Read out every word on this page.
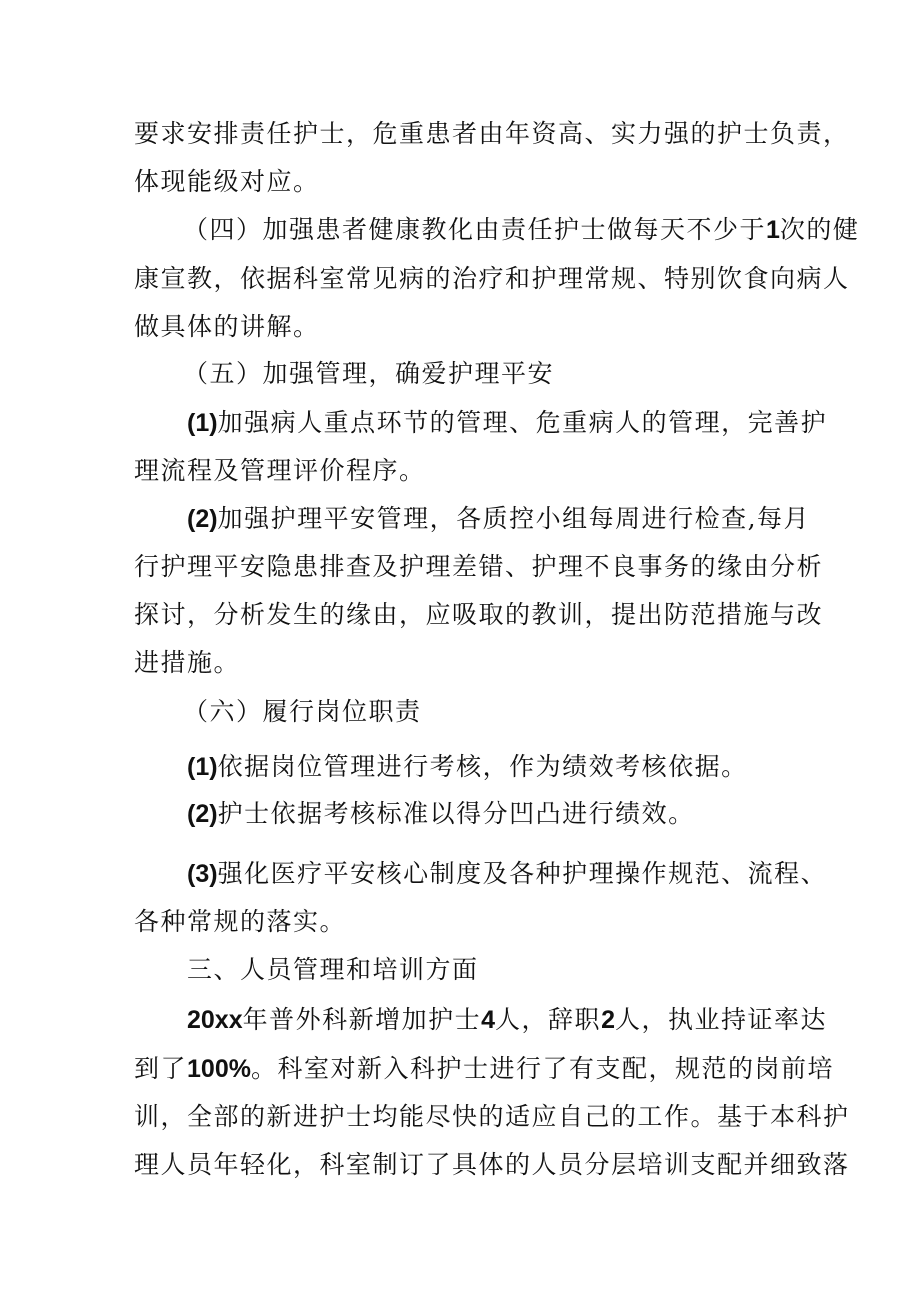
要求安排责任护士，危重患者由年资高、实力强的护士负责，
体现能级对应。
（四）加强患者健康教化由责任护士做每天不少于1次的健
康宣教，依据科室常见病的治疗和护理常规、特别饮食向病人
做具体的讲解。
（五）加强管理，确爱护理平安
(1)加强病人重点环节的管理、危重病人的管理，完善护
理流程及管理评价程序。
(2)加强护理平安管理，各质控小组每周进行检查,每月
行护理平安隐患排查及护理差错、护理不良事务的缘由分析
探讨，分析发生的缘由，应吸取的教训，提出防范措施与改
进措施。
（六）履行岗位职责
(1)依据岗位管理进行考核，作为绩效考核依据。
(2)护士依据考核标准以得分凹凸进行绩效。
(3)强化医疗平安核心制度及各种护理操作规范、流程、
各种常规的落实。
三、人员管理和培训方面
20xx年普外科新增加护士4人，辞职2人，执业持证率达
到了100%。科室对新入科护士进行了有支配，规范的岗前培
训，全部的新进护士均能尽快的适应自己的工作。基于本科护
理人员年轻化，科室制订了具体的人员分层培训支配并细致落
